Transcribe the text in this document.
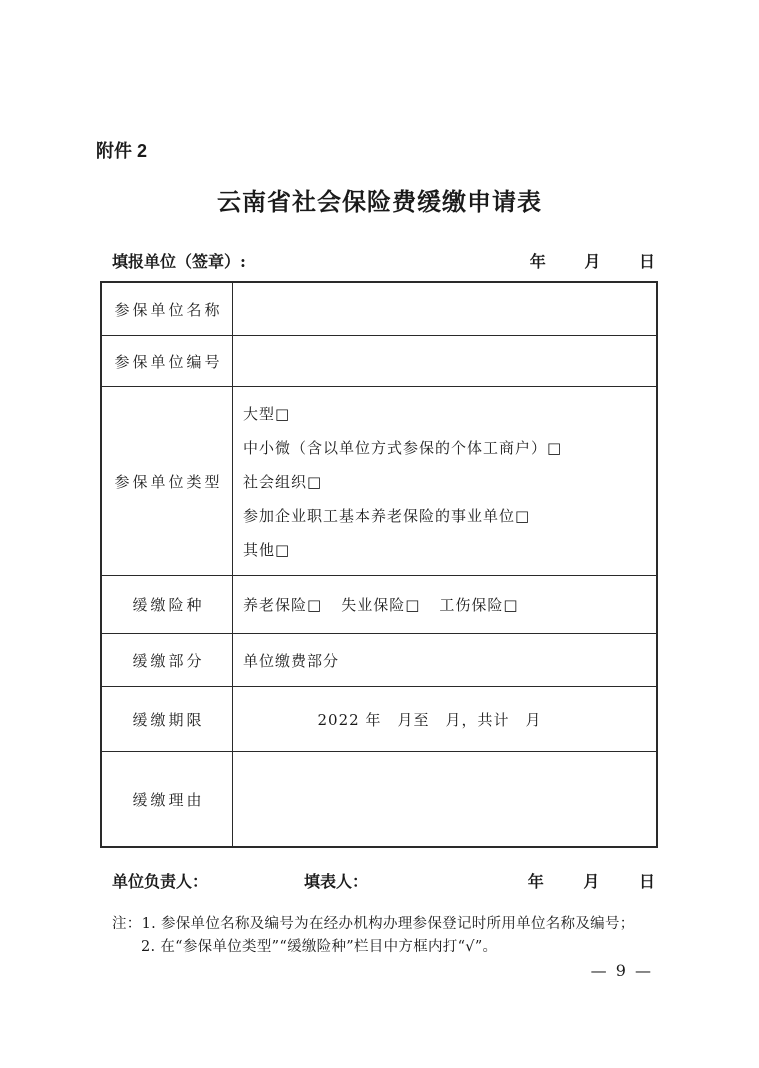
附件 2
云南省社会保险费缓缴申请表
填报单位（签章）:	年 月 日
参保单位名称
参保单位编号
参保单位类型
大型□
中小微（含以单位方式参保的个体工商户）□
社会组织□
参加企业职工基本养老保险的事业单位□
其他□
缓缴险种	养老保险□ 失业保险□ 工伤保险□
缓缴部分	单位缴费部分
缓缴期限	2022 年　月至　月，共计　月
缓缴理由
单位负责人：	填表人：	年 月 日
注：1. 参保单位名称及编号为在经办机构办理参保登记时所用单位名称及编号；
2. 在“参保单位类型”“缓缴险种”栏目中方框内打“√”。
— 9 —
